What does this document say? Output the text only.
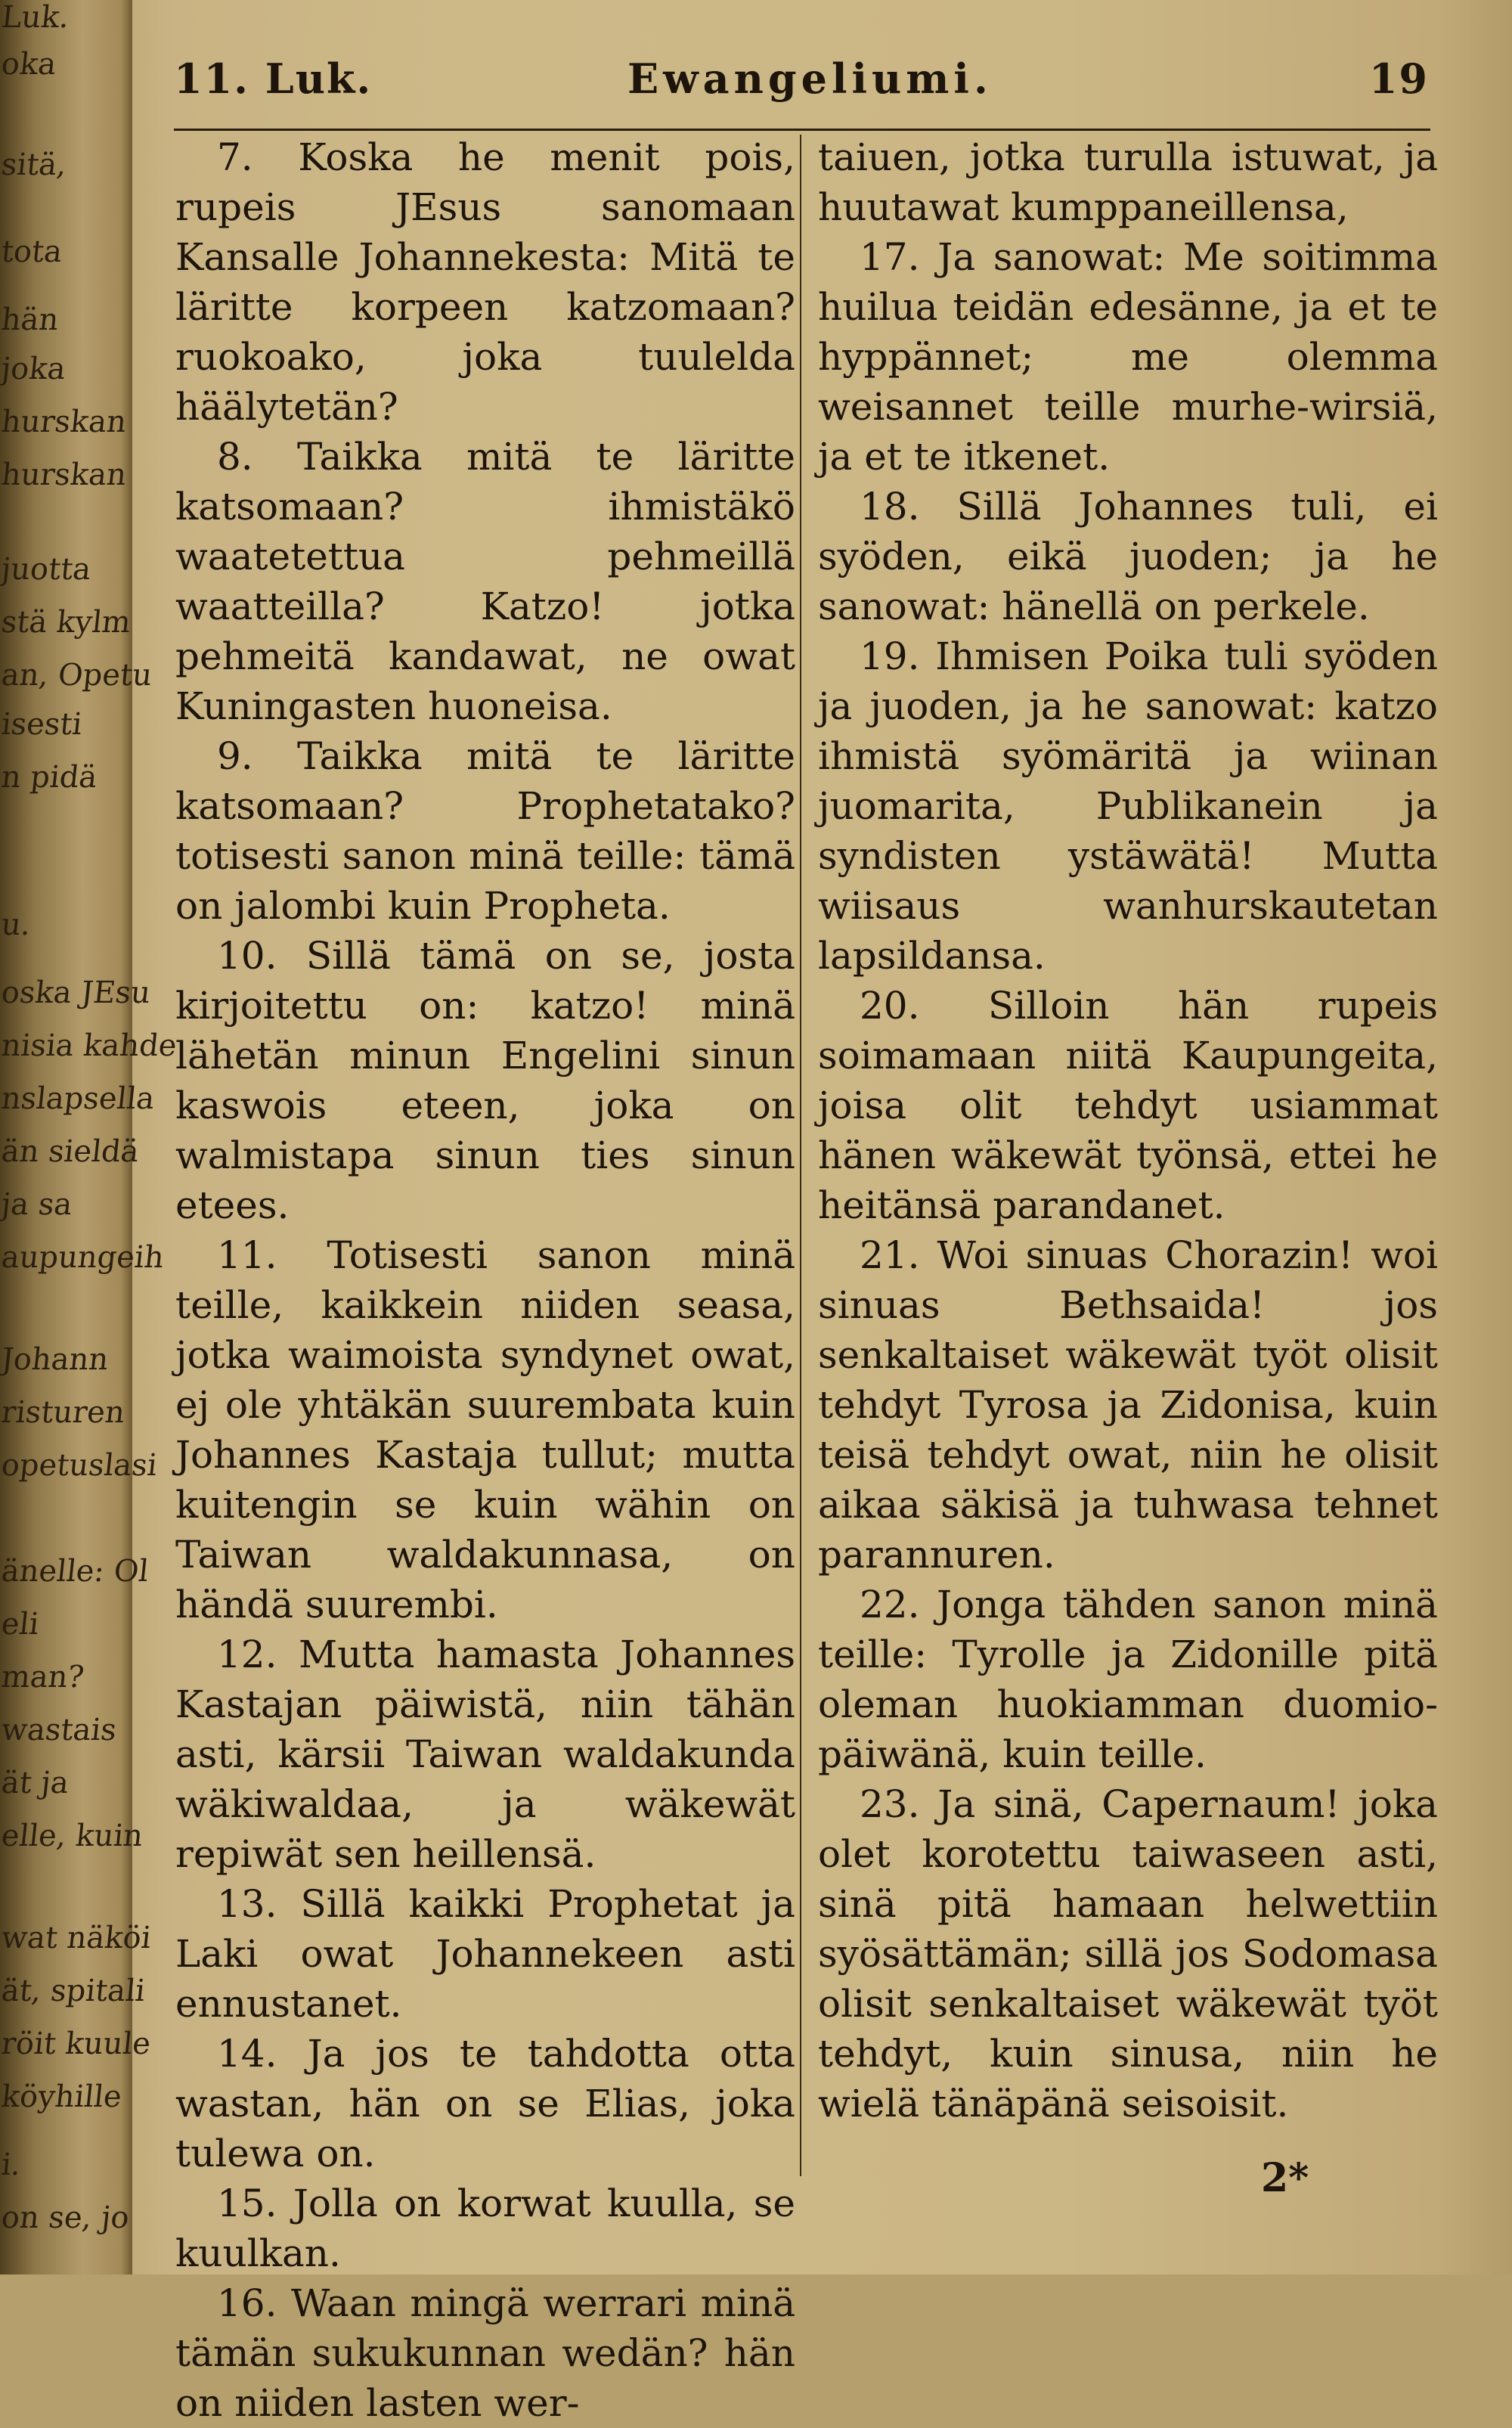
Luk.
oka
sitä,
tota
hän
joka
hurskan
hurskan
juotta
stä kylm
an, Opetu
isesti
n pidä
u.
oska JEsu
nisia kahde
nslapsella
än sieldä
ja sa
aupungeih
Johann
risturen
opetuslasi
änelle: Ol
eli
man?
wastais
ät ja
elle, kuin
wat näköi
ät, spitali
röit kuule
köyhille
i.
on se, jo
11. Luk.	Ewangeliumi.	19

7. Koska he menit pois, rupeis JEsus sanomaan Kansalle Johannekesta: Mitä te läritte korpeen katzomaan? ruokoako, joka tuulelda häälytetän?

8. Taikka mitä te läritte katsomaan? ihmistäkö waatetettua pehmeillä waatteilla? Katzo! jotka pehmeitä kandawat, ne owat Kuningasten huoneisa.

9. Taikka mitä te läritte katsomaan? Prophetatako? totisesti sanon minä teille: tämä on jalombi kuin Propheta.

10. Sillä tämä on se, josta kirjoitettu on: katzo! minä lähetän minun Engelini sinun kaswois eteen, joka on walmistapa sinun ties sinun etees.

11. Totisesti sanon minä teille, kaikkein niiden seasa, jotka waimoista syndynet owat, ej ole yhtäkän suurembata kuin Johannes Kastaja tullut; mutta kuitengin se kuin wähin on Taiwan waldakunnasa, on händä suurembi.

12. Mutta hamasta Johannes Kastajan päiwistä, niin tähän asti, kärsii Taiwan waldakunda wäkiwaldaa, ja wäkewät repiwät sen heillensä.

13. Sillä kaikki Prophetat ja Laki owat Johannekeen asti ennustanet.

14. Ja jos te tahdotta otta wastan, hän on se Elias, joka tulewa on.

15. Jolla on korwat kuulla, se kuulkan.

16. Waan mingä werrari minä tämän sukukunnan wedän? hän on niiden lasten wer-

taiuen, jotka turulla istuwat, ja huutawat kumppaneillensa,

17. Ja sanowat: Me soitimma huilua teidän edesänne, ja et te hyppännet; me olemma weisannet teille murhe-wirsiä, ja et te itkenet.

18. Sillä Johannes tuli, ei syöden, eikä juoden; ja he sanowat: hänellä on perkele.

19. Ihmisen Poika tuli syöden ja juoden, ja he sanowat: katzo ihmistä syömäritä ja wiinan juomarita, Publikanein ja syndisten ystäwätä! Mutta wiisaus wanhurskautetan lapsildansa.

20. Silloin hän rupeis soimamaan niitä Kaupungeita, joisa olit tehdyt usiammat hänen wäkewät työnsä, ettei he heitänsä parandanet.

21. Woi sinuas Chorazin! woi sinuas Bethsaida! jos senkaltaiset wäkewät työt olisit tehdyt Tyrosa ja Zidonisa, kuin teisä tehdyt owat, niin he olisit aikaa säkisä ja tuhwasa tehnet parannuren.

22. Jonga tähden sanon minä teille: Tyrolle ja Zidonille pitä oleman huokiamman duomio-päiwänä, kuin teille.

23. Ja sinä, Capernaum! joka olet korotettu taiwaseen asti, sinä pitä hamaan helwettiin syösättämän; sillä jos Sodomasa olisit senkaltaiset wäkewät työt tehdyt, kuin sinusa, niin he wielä tänäpänä seisoisit.

2*
